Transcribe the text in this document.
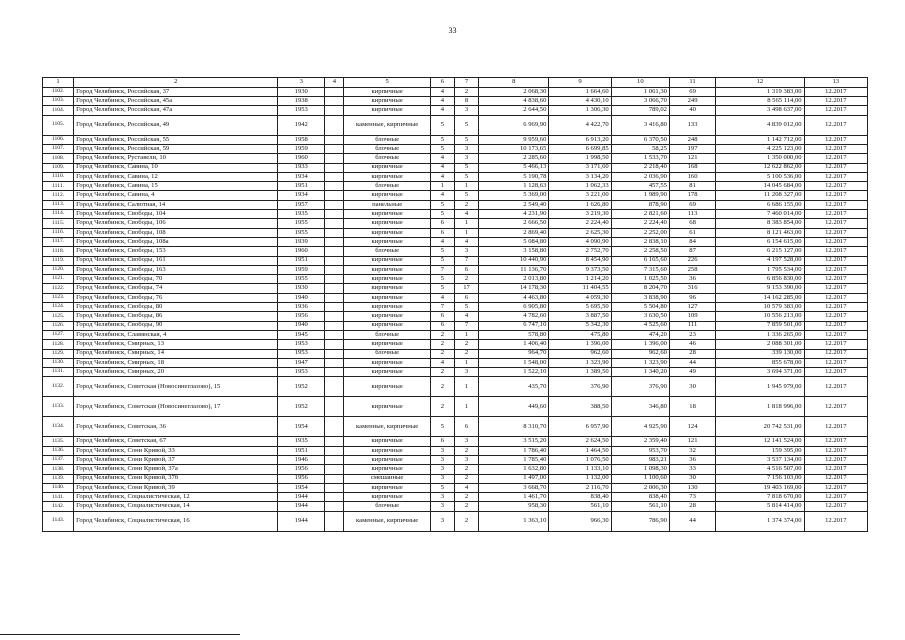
33
1	2	3	4	5	6	7	8	9	10	11	12	13
1102.	Город Челябинск, Российская, 37	1930		кирпичные	4	2	2 068,30	1 664,60	1 061,30	69	1 319 383,00	12.2017
1103.	Город Челябинск, Российская, 45а	1938		кирпичные	4	8	4 838,60	4 430,10	3 066,70	249	8 565 114,00	12.2017
1104.	Город Челябинск, Российская, 47а	1953		кирпичные	4	3	2 644,50	1 306,30	789,02	40	3 498 637,00	12.2017
1105.	Город Челябинск, Российская, 49	1942		каменные, кирпичные	5	5	6 969,90	4 422,70	3 416,80	133	4 839 012,00	12.2017
1106.	Город Челябинск, Российская, 55	1958		блочные	5	5	9 959,60	6 913,20	6 370,50	248	1 142 712,00	12.2017
1107.	Город Челябинск, Российская, 59	1959		блочные	5	3	10 173,65	6 699,85	58,25	197	4 225 123,00	12.2017
1108.	Город Челябинск, Руставели, 10	1960		блочные	4	3	2 285,60	1 998,50	1 533,70	121	1 350 000,00	12.2017
1109.	Город Челябинск, Савина, 10	1933		кирпичные	4	5	5 466,13	3 171,60	2 218,40	168	12 622 862,00	12.2017
1110.	Город Челябинск, Савина, 12	1934		кирпичные	4	5	5 190,78	3 134,20	2 036,90	160	5 100 536,00	12.2017
1111.	Город Челябинск, Савина, 15	1951		блочные	1	1	1 128,63	1 062,33	457,55	81	14 045 684,00	12.2017
1112.	Город Челябинск, Савина, 4	1934		кирпичные	4	5	5 369,00	3 221,00	1 989,90	178	11 208 327,00	12.2017
1113.	Город Челябинск, Салютная, 14	1957		панельные	5	2	2 549,40	1 626,80	878,90	69	6 686 155,00	12.2017
1114.	Город Челябинск, Свободы, 104	1935		кирпичные	5	4	4 231,90	3 219,30	2 821,60	113	7 460 014,00	12.2017
1115.	Город Челябинск, Свободы, 106	1955		кирпичные	6	1	2 666,50	2 224,40	2 224,40	68	8 383 854,00	12.2017
1116.	Город Челябинск, Свободы, 108	1955		кирпичные	6	1	2 869,40	2 625,30	2 252,00	61	8 121 463,00	12.2017
1117.	Город Челябинск, Свободы, 108а	1939		кирпичные	4	4	5 084,80	4 090,90	2 838,10	84	6 154 615,00	12.2017
1118.	Город Челябинск, Свободы, 153	1960		блочные	5	3	3 158,80	2 752,70	2 258,50	87	6 215 127,00	12.2017
1119.	Город Челябинск, Свободы, 161	1951		кирпичные	5	7	10 440,90	8 454,90	6 165,60	226	4 197 528,00	12.2017
1120.	Город Челябинск, Свободы, 163	1959		кирпичные	7	6	11 136,70	9 373,50	7 315,60	258	1 795 534,00	12.2017
1121.	Город Челябинск, Свободы, 70	1955		кирпичные	5	2	2 013,80	1 214,20	1 025,50	36	6 856 830,00	12.2017
1122.	Город Челябинск, Свободы, 74	1930		кирпичные	5	17	14 178,30	11 404,55	8 204,70	316	9 153 390,00	12.2017
1123.	Город Челябинск, Свободы, 76	1940		кирпичные	4	6	4 463,80	4 059,30	3 838,90	96	14 162 285,00	12.2017
1124.	Город Челябинск, Свободы, 80	1936		кирпичные	7	5	6 905,80	5 695,50	5 504,80	127	10 579 383,00	12.2017
1125.	Город Челябинск, Свободы, 86	1956		кирпичные	6	4	4 782,60	3 887,50	3 630,50	109	10 556 213,00	12.2017
1126.	Город Челябинск, Свободы, 90	1940		кирпичные	6	7	6 747,10	5 342,30	4 525,60	111	7 859 501,00	12.2017
1127.	Город Челябинск, Славянская, 4	1945		блочные	2	1	578,80	475,80	474,20	23	1 336 265,00	12.2017
1128.	Город Челябинск, Смирных, 13	1953		кирпичные	2	2	1 406,40	1 396,00	1 396,00	46	2 088 301,00	12.2017
1129.	Город Челябинск, Смирных, 14	1953		блочные	2	2	964,70	962,60	962,60	28	339 130,00	12.2017
1130.	Город Челябинск, Смирных, 18	1947		кирпичные	4	1	1 548,00	1 323,90	1 323,90	44	855 678,00	12.2017
1131.	Город Челябинск, Смирных, 20	1953		кирпичные	2	3	1 522,10	1 389,50	1 340,20	49	3 694 371,00	12.2017
1132.	Город Челябинск, Советская (Новосинеглазово), 15	1952		кирпичные	2	1	435,70	376,90	376,90	30	1 945 979,00	12.2017
1133.	Город Челябинск, Советская (Новосинеглазово), 17	1952		кирпичные	2	1	449,60	388,50	346,80	18	1 818 996,00	12.2017
1134.	Город Челябинск, Советская, 36	1954		каменные, кирпичные	5	6	8 310,70	6 957,90	4 925,90	124	20 742 531,00	12.2017
1135.	Город Челябинск, Советская, 67	1935		кирпичные	6	3	3 515,20	2 624,50	2 359,40	121	12 141 524,00	12.2017
1136.	Город Челябинск, Сони Кривой, 33	1951		кирпичные	3	2	1 786,40	1 464,50	953,70	32	159 395,00	12.2017
1137.	Город Челябинск, Сони Кривой, 37	1946		кирпичные	3	3	1 785,40	1 076,50	983,21	36	3 537 134,00	12.2017
1138.	Город Челябинск, Сони Кривой, 37а	1956		кирпичные	3	2	1 632,80	1 133,10	1 098,30	33	4 516 507,00	12.2017
1139.	Город Челябинск, Сони Кривой, 37б	1956		смешанные	3	2	1 497,00	1 132,00	1 100,60	30	7 156 103,00	12.2017
1140.	Город Челябинск, Сони Кривой, 39	1954		кирпичные	5	4	3 668,70	2 116,70	2 006,30	130	19 403 169,00	12.2017
1141.	Город Челябинск, Социалистическая, 12	1944		кирпичные	3	2	1 461,70	838,40	838,40	73	7 818 670,00	12.2017
1142.	Город Челябинск, Социалистическая, 14	1944		блочные	3	2	958,30	561,10	561,10	28	5 814 414,00	12.2017
1143.	Город Челябинск, Социалистическая, 16	1944		каменные, кирпичные	3	2	1 363,10	966,30	786,90	44	1 374 374,00	12.2017
